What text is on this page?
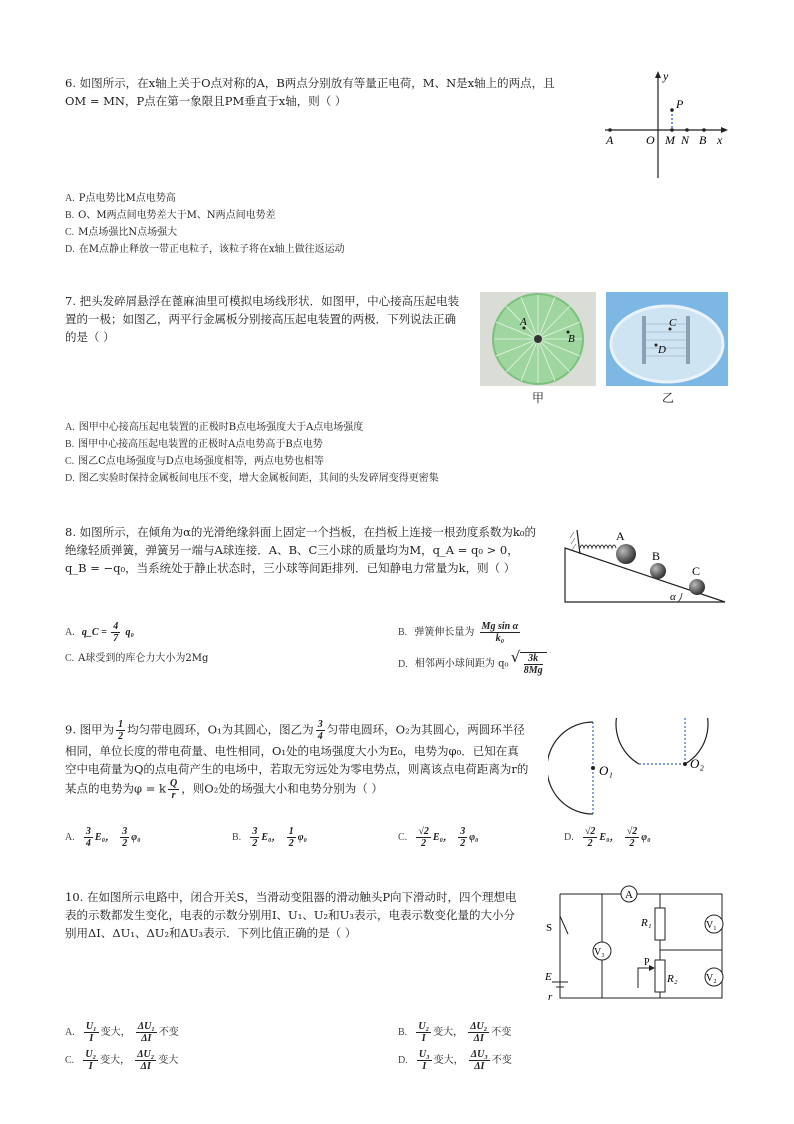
6. 如图所示，在x轴上关于O点对称的A，B两点分别放有等量正电荷，M、N是x轴上的两点，且
OM = MN，P点在第一象限且PM垂直于x轴，则（ ）
y
x
P
A	O M N B
A. P点电势比M点电势高
B. O、M两点间电势差大于M、N两点间电势差
C. M点场强比N点场强大
D. 在M点静止释放一带正电粒子，该粒子将在x轴上做往返运动
7. 把头发碎屑悬浮在蓖麻油里可模拟电场线形状．如图甲，中心接高压起电装
置的一极；如图乙，两平行金属板分别接高压起电装置的两极．下列说法正确
的是（ ）
A
B
甲
C
D
乙
A. 图甲中心接高压起电装置的正极时B点电场强度大于A点电场强度
B. 图甲中心接高压起电装置的正极时A点电势高于B点电势
C. 图乙C点电场强度与D点电场强度相等，两点电势也相等
D. 图乙实验时保持金属板间电压不变，增大金属板间距，其间的头发碎屑变得更密集
8. 如图所示，在倾角为α的光滑绝缘斜面上固定一个挡板，在挡板上连接一根劲度系数为k₀的
绝缘轻质弹簧，弹簧另一端与A球连接．A、B、C三小球的质量均为M，q_A = q₀ > 0，
q_B = −q₀，当系统处于静止状态时，三小球等间距排列．已知静电力常量为k，则（ ）
A
B
C
α
A. q_C = $\frac{4}{7} q_0$	B. 弹簧伸长量为 $\frac{\text{Mg sin α}}{\text{k₀}}$
C. A球受到的库仑力大小为2Mg	D. 相邻两小球间距为 q₀
√ $\frac{3k}{8Mg}$
9. 图甲为 $\frac{1}{2}$ 均匀带电圆环，O₁为其圆心，图乙为 $\frac{3}{4}$ 匀带电圆环，O₂为其圆心，两圆环半径
相同，单位长度的带电荷量、电性相同，O₁处的电场强度大小为E₀，电势为φ₀．已知在真
空中电荷量为Q的点电荷产生的电场中，若取无穷远处为零电势点，则离该点电荷距离为r的
某点的电势为φ = k $\frac{Q}{r}$ ，则O₂处的场强大小和电势分别为（ ）
O₁	O₂
A. $\frac{3}{4} E_0$， $\frac{3}{2} \varphi_0$	B. $\frac{3}{2} E_0$， $\frac{1}{2} \varphi_0$	C. $\frac{√2}{2} E_0$， $\frac{3}{2} \varphi_0$	D. $\frac{√2}{2} E_0$， $\frac{√2}{2} \varphi_0$
10. 在如图所示电路中，闭合开关S，当滑动变阻器的滑动触头P向下滑动时，四个理想电
表的示数都发生变化，电表的示数分别用I、U₁、U₂和U₃表示，电表示数变化量的大小分
别用ΔI、ΔU₁、ΔU₂和ΔU₃表示．下列比值正确的是（ ）
A
R₁	V₁
S
V₃
P
R₂	V₂
E
r
A. $\frac{\text{U₁}}{I}$ 变大， $\frac{\text{ΔU₁}}{\Delta I}$ 不变	B. $\frac{\text{U₂}}{I}$ 变大， $\frac{\text{ΔU₂}}{\Delta I}$ 不变
C. $\frac{\text{U₂}}{I}$ 变大， $\frac{\text{ΔU₂}}{\Delta I}$ 变大	D. $\frac{\text{U₃}}{I}$ 变大， $\frac{\text{ΔU₃}}{\Delta I}$ 不变
